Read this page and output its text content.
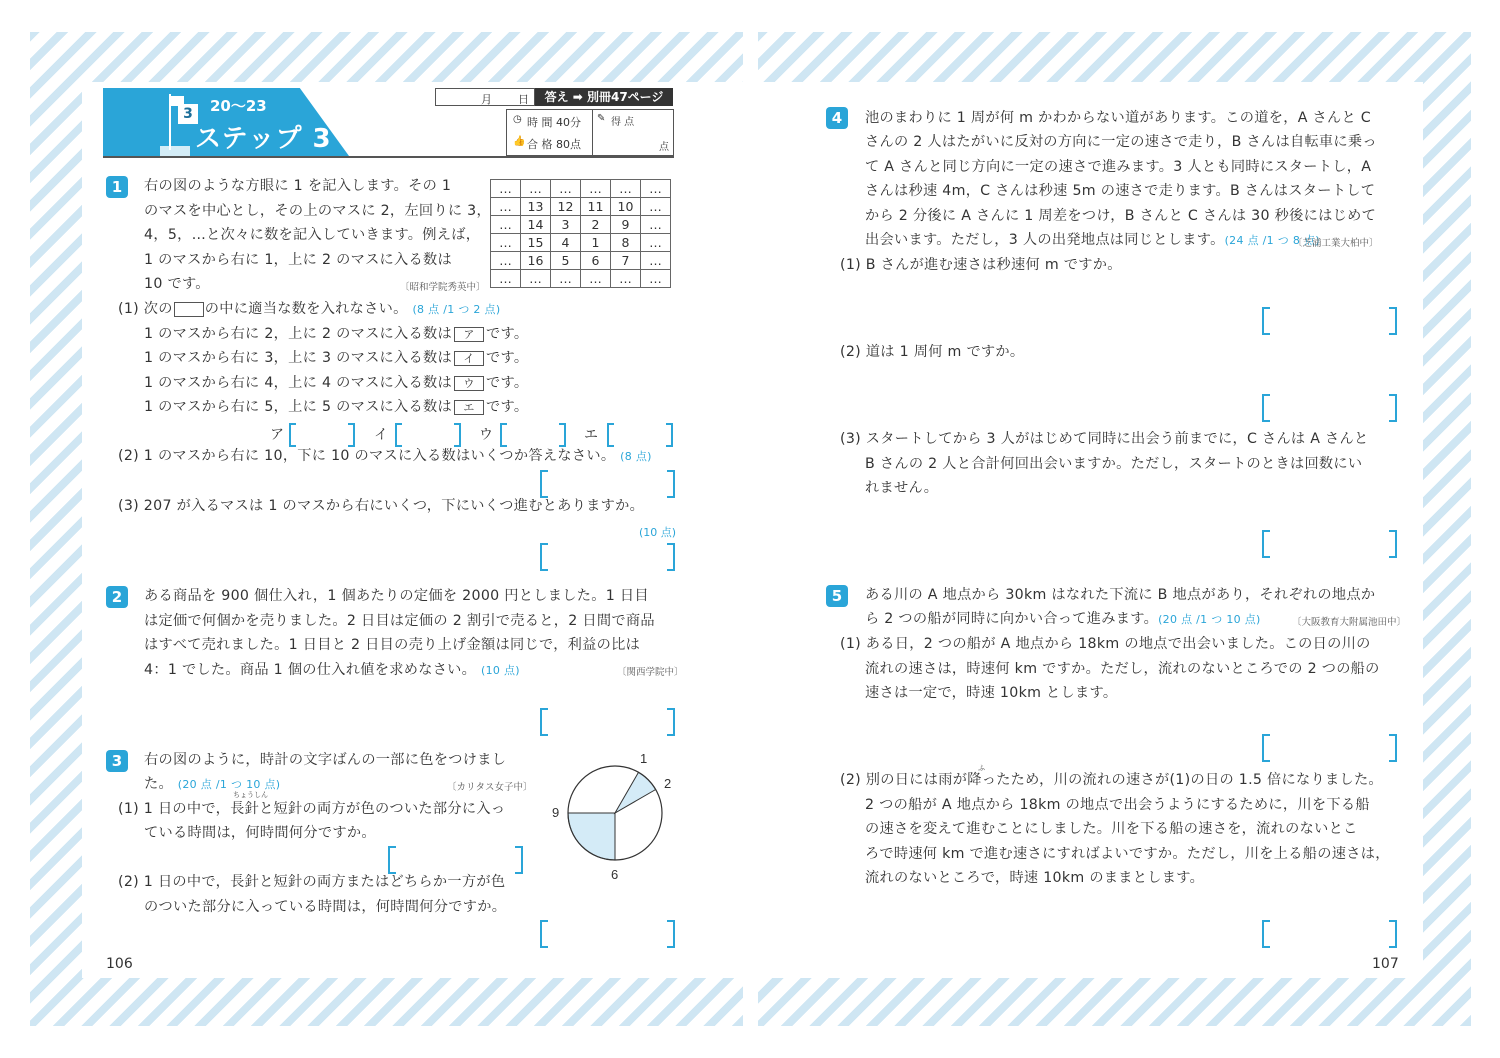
3	20～23
ステップ 3
月 日	答え ➡ 別冊47ページ
◷ 時 間 40分
👍 合 格 80点
✎ 得 点
点
1	右の図のような方眼に 1 を記入します。その 1
のマスを中心とし，その上のマスに 2，左回りに 3，
4，5，…と次々に数を記入していきます。例えば，
1 のマスから右に 1，上に 2 のマスに入る数は
10 です。	〔昭和学院秀英中〕
…	…	…	…	…	…
…	13	12	11	10	…
…	14	3	2	9	…
…	15	4	1	8	…
…	16	5	6	7	…
…	…	…	…	…	…
(1) 次の の中に適当な数を入れなさい。 (8 点 /1 つ 2 点)
1 のマスから右に 2，上に 2 のマスに入る数は ア です。
1 のマスから右に 3，上に 3 のマスに入る数は イ です。
1 のマスから右に 4，上に 4 のマスに入る数は ウ です。
1 のマスから右に 5，上に 5 のマスに入る数は エ です。
ア	イ	ウ	エ
(2) 1 のマスから右に 10，下に 10 のマスに入る数はいくつか答えなさい。 (8 点)
(3) 207 が入るマスは 1 のマスから右にいくつ，下にいくつ進むとありますか。
(10 点)
2	ある商品を 900 個仕入れ，1 個あたりの定価を 2000 円としました。1 日目
は定価で何個かを売りました。2 日目は定価の 2 割引で売ると，2 日間で商品
はすべて売れました。1 日目と 2 日目の売り上げ金額は同じで，利益の比は
4：1 でした。商品 1 個の仕入れ値を求めなさい。 (10 点)	〔関西学院中〕
3	右の図のように，時計の文字ばんの一部に色をつけまし
た。 (20 点 /1 つ 10 点)	〔カリタス女子中〕
ちょうしん
(1) 1 日の中で，長針と短針の両方が色のついた部分に入っ
ている時間は，何時間何分ですか。
(2) 1 日の中で，長針と短針の両方またはどちらか一方が色
のついた部分に入っている時間は，何時間何分ですか。
1
2
9
6
106
4	池のまわりに 1 周が何 m かわからない道があります。この道を，A さんと C
さんの 2 人はたがいに反対の方向に一定の速さで走り，B さんは自転車に乗っ
て A さんと同じ方向に一定の速さで進みます。3 人とも同時にスタートし，A
さんは秒速 4m，C さんは秒速 5m の速さで走ります。B さんはスタートして
から 2 分後に A さんに 1 周差をつけ，B さんと C さんは 30 秒後にはじめて
出会います。ただし，3 人の出発地点は同じとします。(24 点 /1 つ 8 点)
〔芝浦工業大柏中〕
(1) B さんが進む速さは秒速何 m ですか。
(2) 道は 1 周何 m ですか。
(3) スタートしてから 3 人がはじめて同時に出会う前までに，C さんは A さんと
B さんの 2 人と合計何回出会いますか。ただし，スタートのときは回数にい
れません。
5	ある川の A 地点から 30km はなれた下流に B 地点があり，それぞれの地点か
ら 2 つの船が同時に向かい合って進みます。(20 点 /1 つ 10 点)	〔大阪教育大附属池田中〕
(1) ある日，2 つの船が A 地点から 18km の地点で出会いました。この日の川の
流れの速さは，時速何 km ですか。ただし，流れのないところでの 2 つの船の
速さは一定で，時速 10km とします。
ふ
(2) 別の日には雨が降ったため，川の流れの速さが(1)の日の 1.5 倍になりました。
2 つの船が A 地点から 18km の地点で出会うようにするために，川を下る船
の速さを変えて進むことにしました。川を下る船の速さを，流れのないとこ
ろで時速何 km で進む速さにすればよいですか。ただし，川を上る船の速さは，
流れのないところで，時速 10km のままとします。
107
